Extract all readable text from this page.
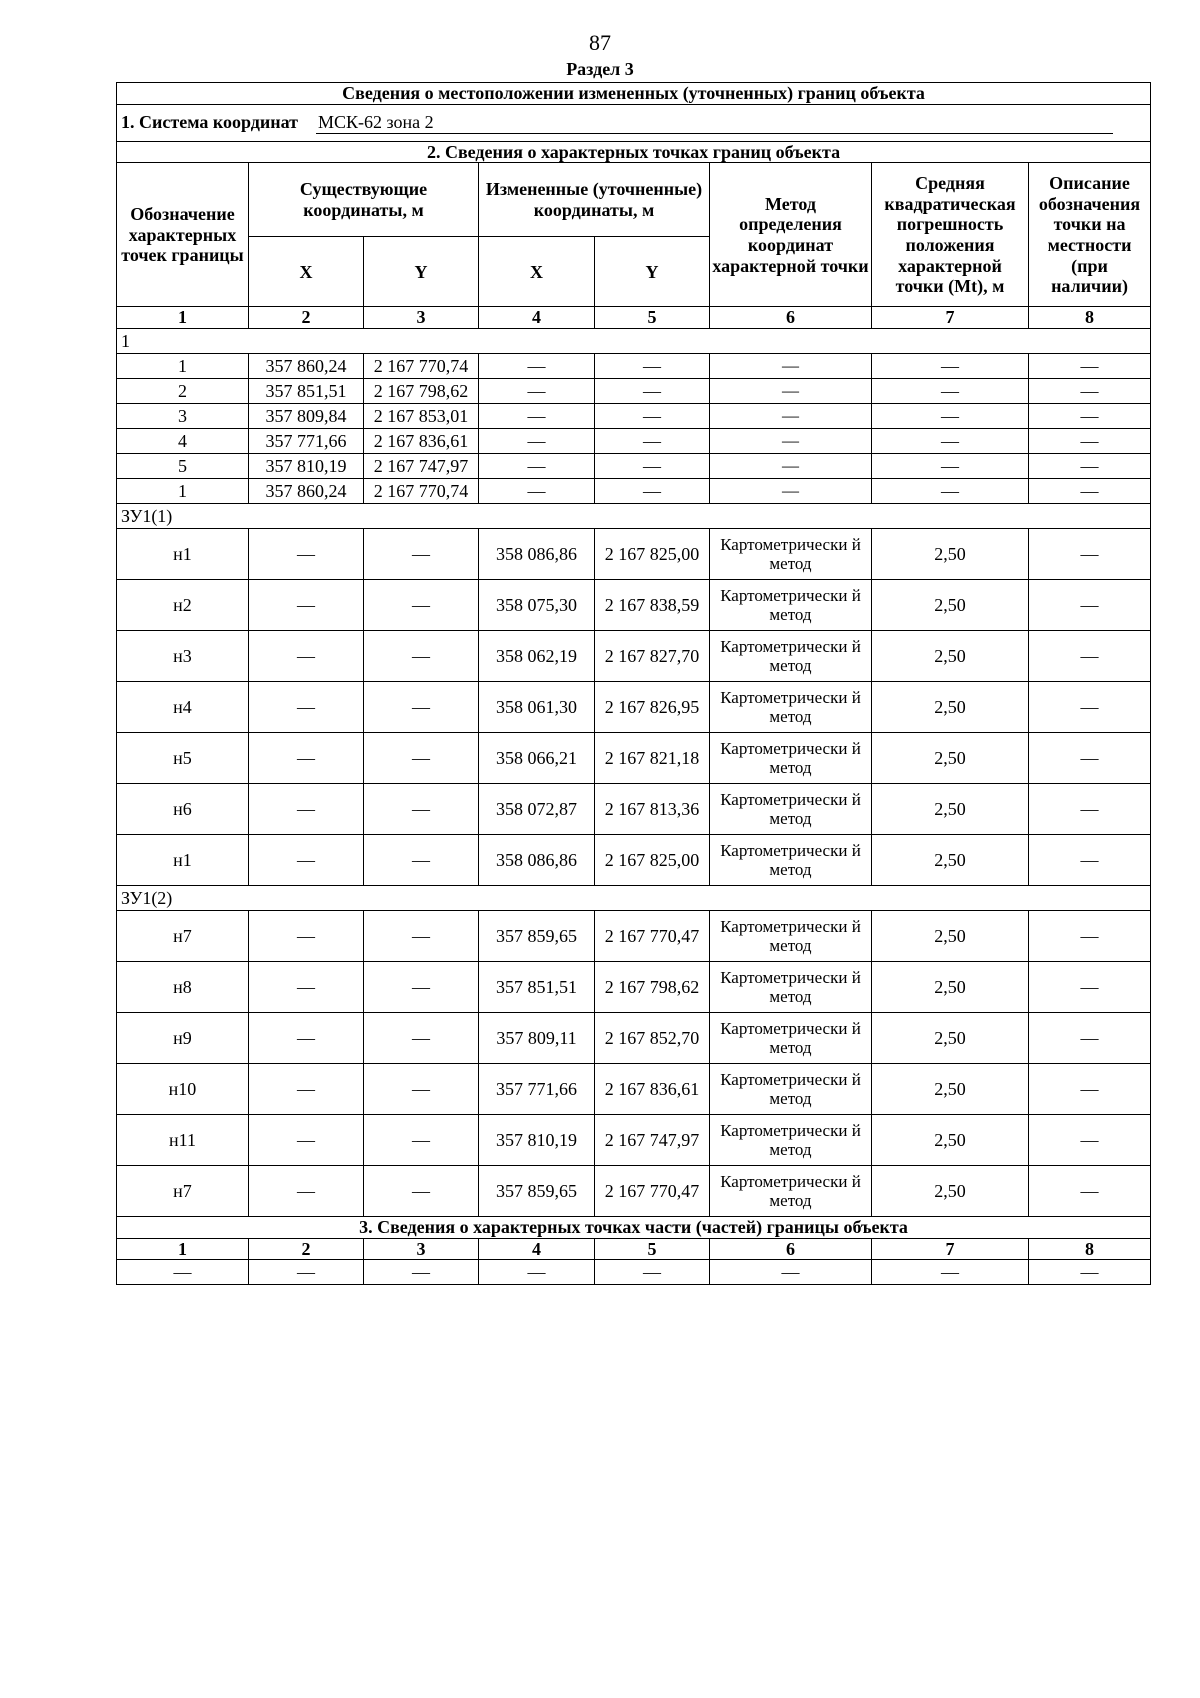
87
Раздел 3
Сведения о местоположении измененных (уточненных) границ объекта							
1. Система координат МСК-62 зона 2							
2. Сведения о характерных точках границ объекта							
Обозначение характерных точек границы	Существующие координаты, м		Измененные (уточненные) координаты, м		Метод определения координат характерной точки	Средняя квадратическая погрешность положения характерной точки (Mt), м	Описание обозначения точки на местности (при наличии)
	X	Y	X	Y			
1	2	3	4	5	6	7	8
1							
1	357 860,24	2 167 770,74	—	—	—	—	—
2	357 851,51	2 167 798,62	—	—	—	—	—
3	357 809,84	2 167 853,01	—	—	—	—	—
4	357 771,66	2 167 836,61	—	—	—	—	—
5	357 810,19	2 167 747,97	—	—	—	—	—
1	357 860,24	2 167 770,74	—	—	—	—	—
ЗУ1(1)							
н1	—	—	358 086,86	2 167 825,00	Картометрически й метод	2,50	—
н2	—	—	358 075,30	2 167 838,59	Картометрически й метод	2,50	—
н3	—	—	358 062,19	2 167 827,70	Картометрически й метод	2,50	—
н4	—	—	358 061,30	2 167 826,95	Картометрически й метод	2,50	—
н5	—	—	358 066,21	2 167 821,18	Картометрически й метод	2,50	—
н6	—	—	358 072,87	2 167 813,36	Картометрически й метод	2,50	—
н1	—	—	358 086,86	2 167 825,00	Картометрически й метод	2,50	—
ЗУ1(2)							
н7	—	—	357 859,65	2 167 770,47	Картометрически й метод	2,50	—
н8	—	—	357 851,51	2 167 798,62	Картометрически й метод	2,50	—
н9	—	—	357 809,11	2 167 852,70	Картометрически й метод	2,50	—
н10	—	—	357 771,66	2 167 836,61	Картометрически й метод	2,50	—
н11	—	—	357 810,19	2 167 747,97	Картометрически й метод	2,50	—
н7	—	—	357 859,65	2 167 770,47	Картометрически й метод	2,50	—
3. Сведения о характерных точках части (частей) границы объекта							
1	2	3	4	5	6	7	8
—	—	—	—	—	—	—	—
